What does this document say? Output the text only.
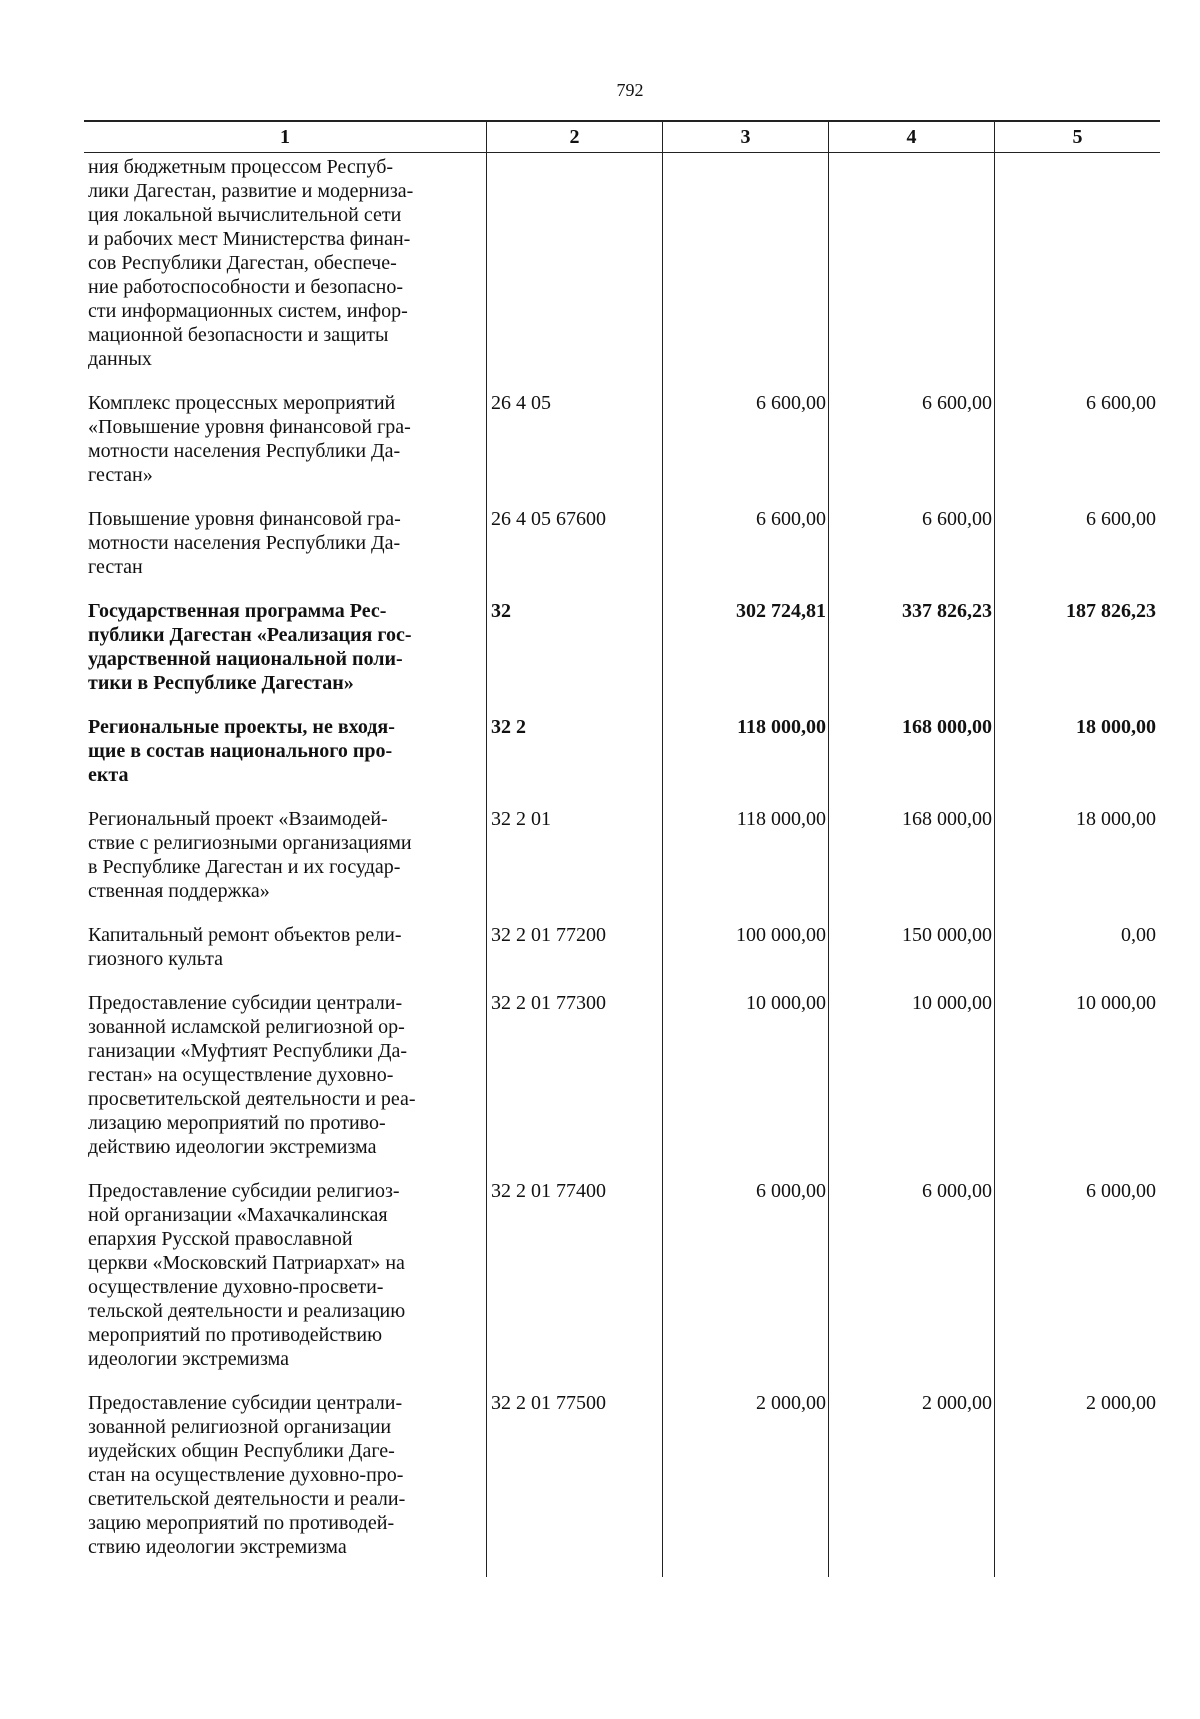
792
1	2	3	4	5
ния бюджетным процессом Респуб-
лики Дагестан, развитие и модерниза-
ция локальной вычислительной сети
и рабочих мест Министерства финан-
сов Республики Дагестан, обеспече-
ние работоспособности и безопасно-
сти информационных систем, инфор-
мационной безопасности и защиты
данных
Комплекс процессных мероприятий
«Повышение уровня финансовой гра-
мотности населения Республики Да-
гестан»
26 4 05	6 600,00	6 600,00	6 600,00
Повышение уровня финансовой гра-
мотности населения Республики Да-
гестан
26 4 05 67600	6 600,00	6 600,00	6 600,00
Государственная программа Рес-
публики Дагестан «Реализация гос-
ударственной национальной поли-
тики в Республике Дагестан»
32	302 724,81	337 826,23	187 826,23
Региональные проекты, не входя-
щие в состав национального про-
екта
32 2	118 000,00	168 000,00	18 000,00
Региональный проект «Взаимодей-
ствие с религиозными организациями
в Республике Дагестан и их государ-
ственная поддержка»
32 2 01	118 000,00	168 000,00	18 000,00
Капитальный ремонт объектов рели-
гиозного культа
32 2 01 77200	100 000,00	150 000,00	0,00
Предоставление субсидии централи-
зованной исламской религиозной ор-
ганизации «Муфтият Республики Да-
гестан» на осуществление духовно-
просветительской деятельности и реа-
лизацию мероприятий по противо-
действию идеологии экстремизма
32 2 01 77300	10 000,00	10 000,00	10 000,00
Предоставление субсидии религиоз-
ной организации «Махачкалинская
епархия Русской православной
церкви «Московский Патриархат» на
осуществление духовно-просвети-
тельской деятельности и реализацию
мероприятий по противодействию
идеологии экстремизма
32 2 01 77400	6 000,00	6 000,00	6 000,00
Предоставление субсидии централи-
зованной религиозной организации
иудейских общин Республики Даге-
стан на осуществление духовно-про-
светительской деятельности и реали-
зацию мероприятий по противодей-
ствию идеологии экстремизма
32 2 01 77500	2 000,00	2 000,00	2 000,00
